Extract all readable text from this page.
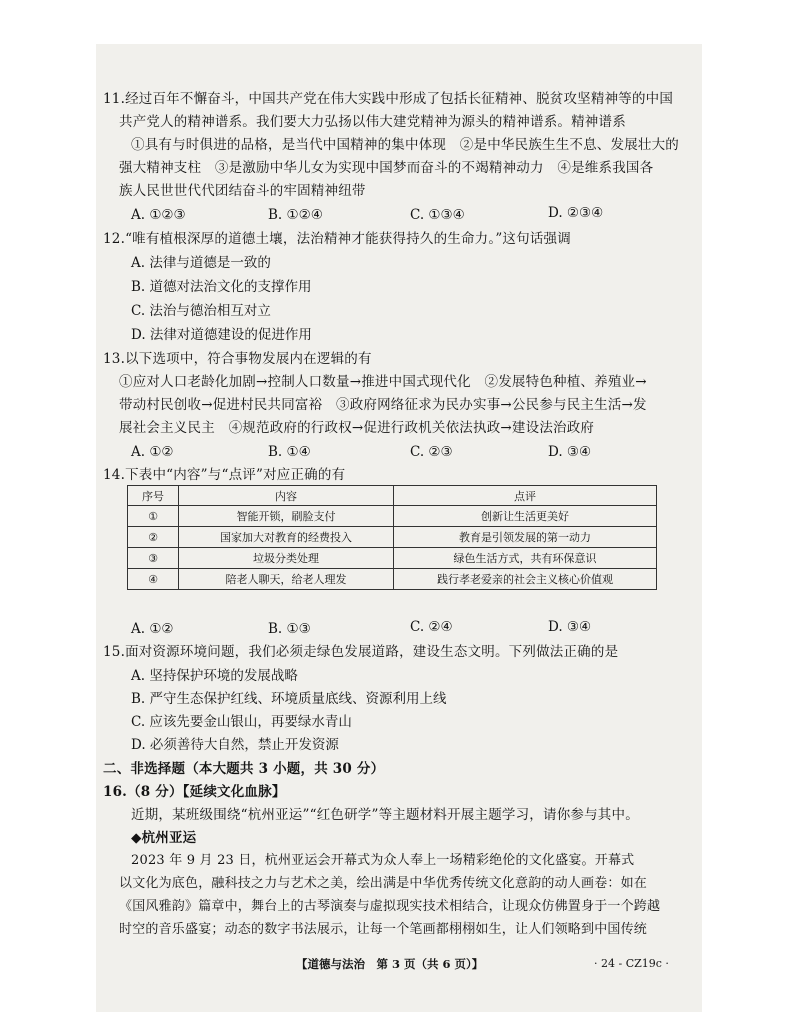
11.经过百年不懈奋斗，中国共产党在伟大实践中形成了包括长征精神、脱贫攻坚精神等的中国
共产党人的精神谱系。我们要大力弘扬以伟大建党精神为源头的精神谱系。精神谱系
①具有与时俱进的品格，是当代中国精神的集中体现　②是中华民族生生不息、发展壮大的
强大精神支柱　③是激励中华儿女为实现中国梦而奋斗的不竭精神动力　④是维系我国各
族人民世世代代团结奋斗的牢固精神纽带
A. ①②③	B. ①②④	C. ①③④	D. ②③④
12.“唯有植根深厚的道德土壤，法治精神才能获得持久的生命力。”这句话强调
A. 法律与道德是一致的
B. 道德对法治文化的支撑作用
C. 法治与德治相互对立
D. 法律对道德建设的促进作用
13.以下选项中，符合事物发展内在逻辑的有
①应对人口老龄化加剧→控制人口数量→推进中国式现代化　②发展特色种植、养殖业→
带动村民创收→促进村民共同富裕　③政府网络征求为民办实事→公民参与民主生活→发
展社会主义民主　④规范政府的行政权→促进行政机关依法执政→建设法治政府
A. ①②	B. ①④	C. ②③	D. ③④
14.下表中“内容”与“点评”对应正确的有
序号	内容	点评
①	智能开锁，刷脸支付	创新让生活更美好
②	国家加大对教育的经费投入	教育是引领发展的第一动力
③	垃圾分类处理	绿色生活方式，共有环保意识
④	陪老人聊天，给老人理发	践行孝老爱亲的社会主义核心价值观
A. ①②	B. ①③	C. ②④	D. ③④
15.面对资源环境问题，我们必须走绿色发展道路，建设生态文明。下列做法正确的是
A. 坚持保护环境的发展战略
B. 严守生态保护红线、环境质量底线、资源利用上线
C. 应该先要金山银山，再要绿水青山
D. 必须善待大自然，禁止开发资源
二、非选择题（本大题共 3 小题，共 30 分）
16.（8 分）【延续文化血脉】
近期，某班级围绕“杭州亚运”“红色研学”等主题材料开展主题学习，请你参与其中。
◆杭州亚运
2023 年 9 月 23 日，杭州亚运会开幕式为众人奉上一场精彩绝伦的文化盛宴。开幕式
以文化为底色，融科技之力与艺术之美，绘出满是中华优秀传统文化意韵的动人画卷：如在
《国风雅韵》篇章中，舞台上的古琴演奏与虚拟现实技术相结合，让现众仿佛置身于一个跨越
时空的音乐盛宴；动态的数字书法展示，让每一个笔画都栩栩如生，让人们领略到中国传统
【道德与法治　第 3 页（共 6 页）】	· 24 - CZ19c ·
